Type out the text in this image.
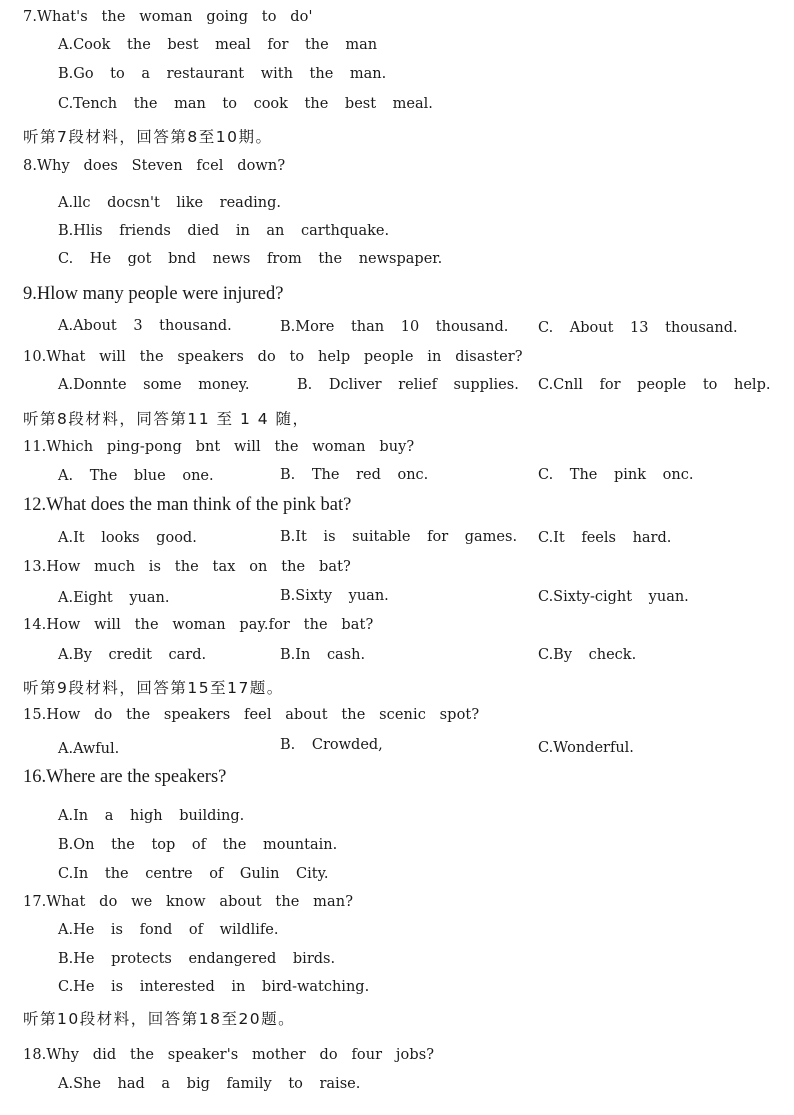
7.What's the woman going to do'
A.Cook the best meal for the man
B.Go to a restaurant with the man.
C.Tench the man to cook the best meal.
听第7段材料，回答第8至10期。
8.Why does Steven fcel down?
A.llc docsn't like reading.
B.Hlis friends died in an carthquake.
C. He got bnd news from the newspaper.
9.Hlow many people were injured?
A.About 3 thousand.	B.More than 10 thousand. C. About 13 thousand.
10.What will the speakers do to help people in disaster?
A.Donnte some money.	B. Dcliver relief supplies. C.Cnll for people to help.
听第8段材料，同答第11 至 1 4 随，
11.Which ping-pong bnt will the woman buy?
A. The blue one.	B. The red onc.	C. The pink onc.
12.What does the man think of the pink bat?
A.It looks good.	B.It is suitable for games. C.It feels hard.
13.How much is the tax on the bat?
A.Eight yuan.	B.Sixty yuan.	C.Sixty-cight yuan.
14.How will the woman pay.for the bat?
A.By credit card.	B.In cash.	C.By check.
听第9段材料，回答第15至17题。
15.How do the speakers feel about the scenic spot?
A.Awful.	B. Crowded,	C.Wonderful.
16.Where are the speakers?
A.In a high building.
B.On the top of the mountain.
C.In the centre of Gulin City.
17.What do we know about the man?
A.He is fond of wildlife.
B.He protects endangered birds.
C.He is interested in bird-watching.
听第10段材料，回答第18至20题。
18.Why did the speaker's mother do four jobs?
A.She had a big family to raise.
